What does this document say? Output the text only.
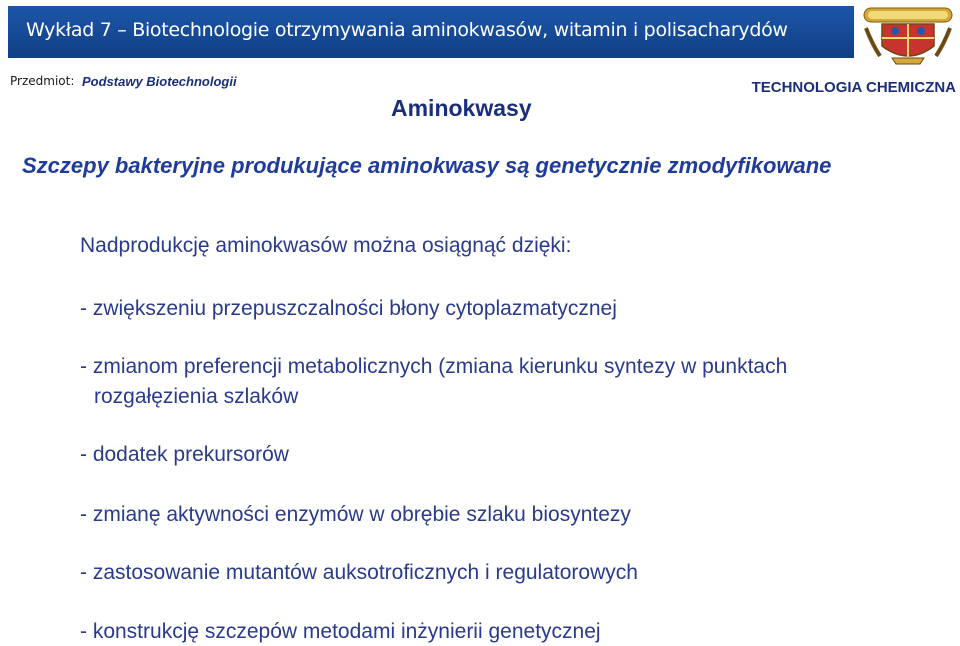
Wykład 7 – Biotechnologie otrzymywania aminokwasów, witamin i polisacharydów
Przedmiot: Podstawy Biotechnologii	TECHNOLOGIA CHEMICZNA
Aminokwasy
Szczepy bakteryjne produkujące aminokwasy są genetycznie zmodyfikowane
Nadprodukcję aminokwasów można osiągnąć dzięki:
- zwiększeniu przepuszczalności błony cytoplazmatycznej
- zmianom preferencji metabolicznych (zmiana kierunku syntezy w punktach
rozgałęzienia szlaków
- dodatek prekursorów
- zmianę aktywności enzymów w obrębie szlaku biosyntezy
- zastosowanie mutantów auksotroficznych i regulatorowych
- konstrukcję szczepów metodami inżynierii genetycznej
